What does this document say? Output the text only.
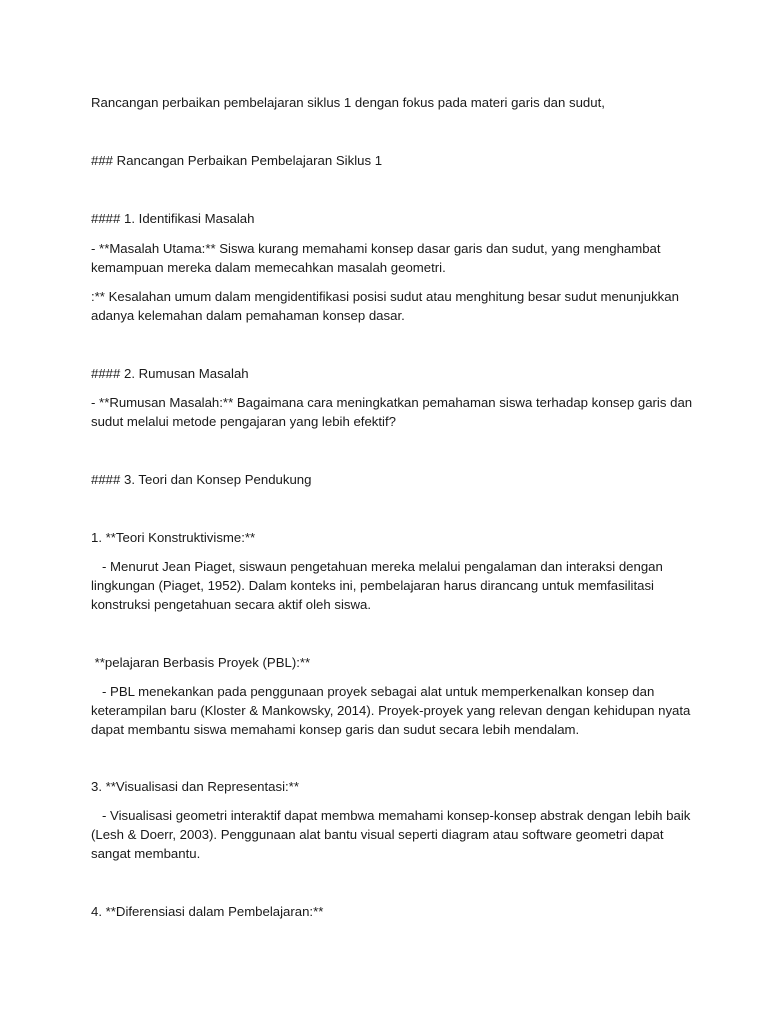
Rancangan perbaikan pembelajaran siklus 1 dengan fokus pada materi garis dan sudut,
### Rancangan Perbaikan Pembelajaran Siklus 1
#### 1. Identifikasi Masalah
- **Masalah Utama:** Siswa kurang memahami konsep dasar garis dan sudut, yang menghambat
kemampuan mereka dalam memecahkan masalah geometri.
:** Kesalahan umum dalam mengidentifikasi posisi sudut atau menghitung besar sudut menunjukkan
adanya kelemahan dalam pemahaman konsep dasar.
#### 2. Rumusan Masalah
- **Rumusan Masalah:** Bagaimana cara meningkatkan pemahaman siswa terhadap konsep garis dan
sudut melalui metode pengajaran yang lebih efektif?
#### 3. Teori dan Konsep Pendukung
1. **Teori Konstruktivisme:**
- Menurut Jean Piaget, siswaun pengetahuan mereka melalui pengalaman dan interaksi dengan
lingkungan (Piaget, 1952). Dalam konteks ini, pembelajaran harus dirancang untuk memfasilitasi
konstruksi pengetahuan secara aktif oleh siswa.
**pelajaran Berbasis Proyek (PBL):**
- PBL menekankan pada penggunaan proyek sebagai alat untuk memperkenalkan konsep dan
keterampilan baru (Kloster & Mankowsky, 2014). Proyek-proyek yang relevan dengan kehidupan nyata
dapat membantu siswa memahami konsep garis dan sudut secara lebih mendalam.
3. **Visualisasi dan Representasi:**
- Visualisasi geometri interaktif dapat membwa memahami konsep-konsep abstrak dengan lebih baik
(Lesh & Doerr, 2003). Penggunaan alat bantu visual seperti diagram atau software geometri dapat
sangat membantu.
4. **Diferensiasi dalam Pembelajaran:**
